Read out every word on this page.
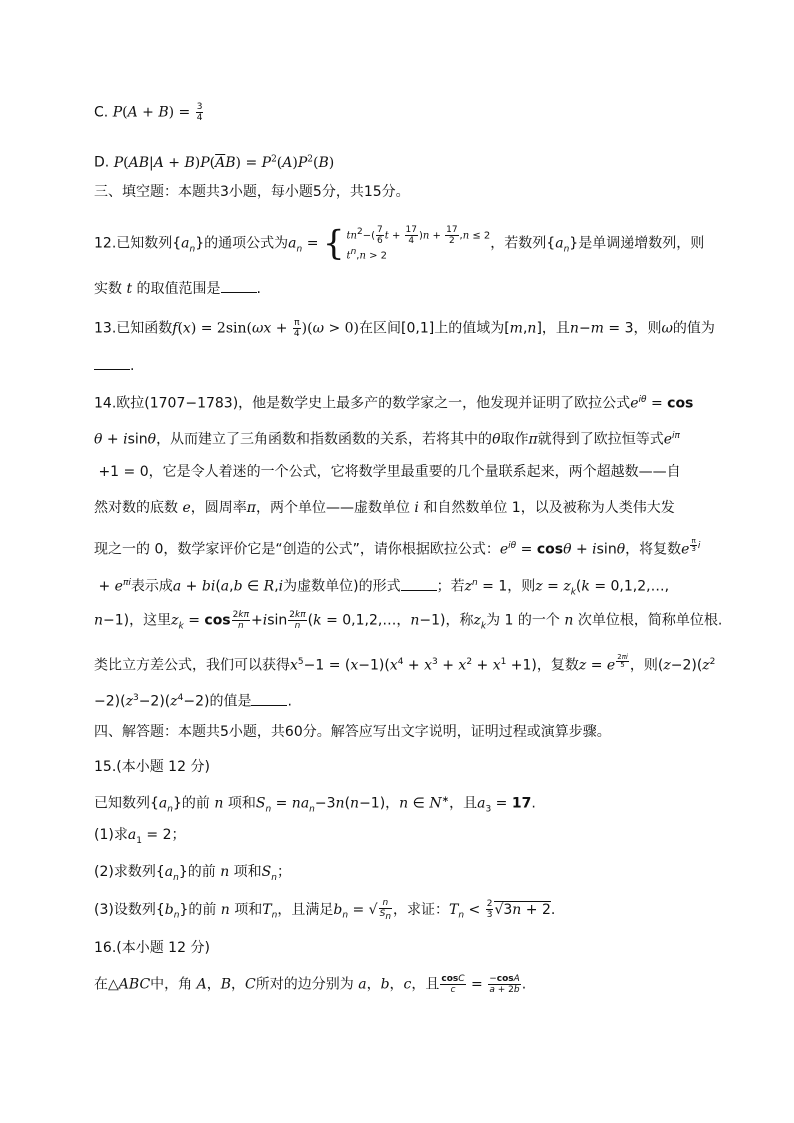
C. $P(A + B) = \frac{3}{4}$
D. $P(AB|A + B)P(\overline{A}B) = P^2(A)P^2(B)$
三、填空题：本题共3小题，每小题5分，共15分。
12.已知数列$\{a_n\}$的通项公式为$a_n$ = { $tn^2-( \frac{7}{6}$ $t + \frac{17}{4} )n + \frac{17}{2} ,n \le 2$
$t^n,n > 2$
，若数列$\{a_n\}$是单调递增数列，则
实数 t 的取值范围是	.
13.已知函数$f(x) = 2\sin(\omega x + \frac{\pi}{4} )(\omega > 0)$在区间[0,1]上的值域为[m,n]，且n−m = 3，则ω的值为
.
14.欧拉(1707−1783)，他是数学史上最多产的数学家之一，他发现并证明了欧拉公式$e^{i\theta} = \cos$
θ + isinθ，从而建立了三角函数和指数函数的关系，若将其中的θ取作π就得到了欧拉恒等式$e^{i\pi}$
+1 = 0，它是令人着迷的一个公式，它将数学里最重要的几个量联系起来，两个超越数——自
然对数的底数 e，圆周率π，两个单位——虚数单位 i 和自然数单位 1，以及被称为人类伟大发
现之一的 0，数学家评价它是“创造的公式”，请你根据欧拉公式：$e^{i\theta} = \cos\theta + isin\theta$，将复数e $^{\frac{\pi}{3} i}$
+ $e^{\pi i}$表示成a + bi(a,b ∈ R,i为虚数单位)的形式	；若$z^n = 1$，则$z = z_k(k$ = 0,1,2,…,
n−1)，这里$z_k = \cos \frac{2k\pi}{n} +isin \frac{2k\pi}{n} (k$ = 0,1,2,…，n−1)，称$z_k$为 1 的一个 n 次单位根，简称单位根.
类比立方差公式，我们可以获得$x^5-1 = (x-1)(x^4 + x^3 + x^2 + x^1 +1)$，复数z = e $^{\frac{2\pi i}{5}}$ ，则$(z-2)(z^2$
$-2)(z^3-2)(z^4-2)$的值是	.
四、解答题：本题共5小题，共60分。解答应写出文字说明，证明过程或演算步骤。
15.(本小题 12 分)
已知数列$\{a_n\}$的前 n 项和$S_n = na_n-3n(n-1)$，n ∈ N∗，且$a_3 = 17$.
(1)求$a_1 = 2$；
(2)求数列$\{a_n\}$的前 n 项和$S_n$；
(3)设数列$\{b_n\}$的前 n 项和$T_n$，且满足$b_n$ = √ $\frac{n}{S_n}$ ，求证：$T_n < \frac{2}{3} √3n + 2$.
16.(本小题 12 分)
在△ABC中，角 A，B，C所对的边分别为 a，b，c，且 $\frac{\cos C}{c} = \frac{-\cos A}{a + 2b}$ .
